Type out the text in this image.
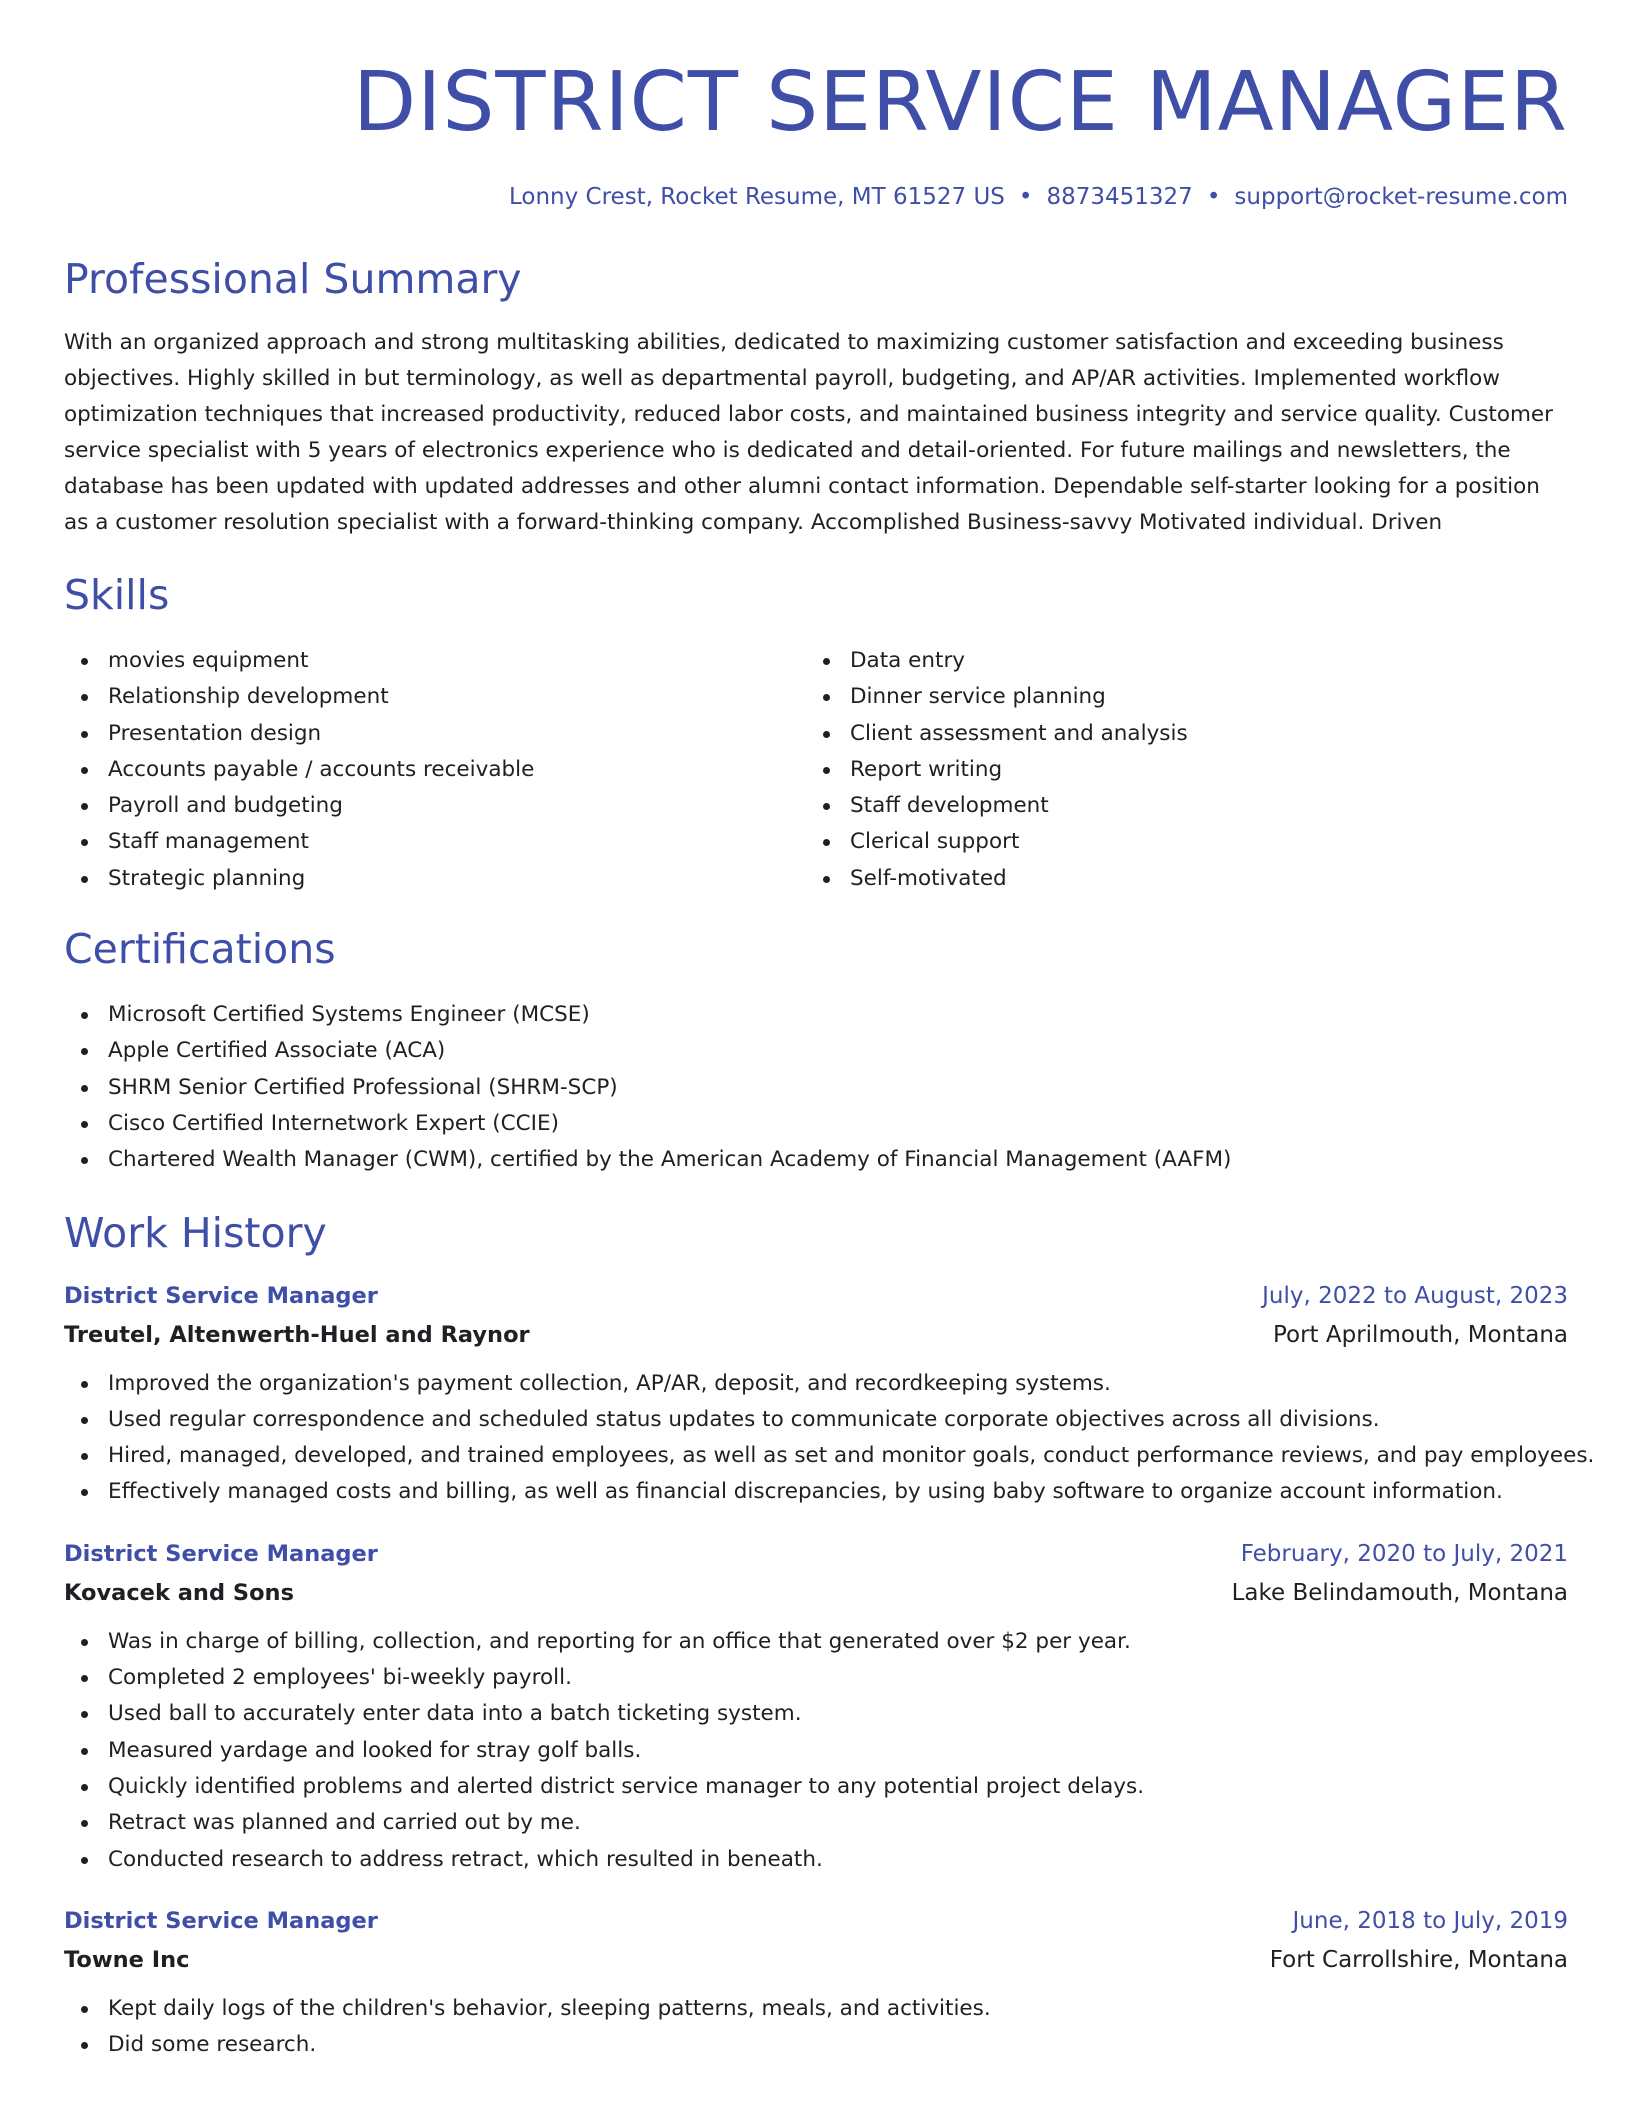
DISTRICT SERVICE MANAGER
Lonny Crest, Rocket Resume, MT 61527 US • 8873451327 • support@rocket-resume.com
Professional Summary

With an organized approach and strong multitasking abilities, dedicated to maximizing customer satisfaction and exceeding business objectives. Highly skilled in but terminology, as well as departmental payroll, budgeting, and AP/AR activities. Implemented workflow optimization techniques that increased productivity, reduced labor costs, and maintained business integrity and service quality. Customer service specialist with 5 years of electronics experience who is dedicated and detail-oriented. For future mailings and newsletters, the database has been updated with updated addresses and other alumni contact information. Dependable self-starter looking for a position as a customer resolution specialist with a forward-thinking company. Accomplished Business-savvy Motivated individual. Driven

Skills
movies equipment
Relationship development
Presentation design
Accounts payable / accounts receivable
Payroll and budgeting
Staff management
Strategic planning
Data entry
Dinner service planning
Client assessment and analysis
Report writing
Staff development
Clerical support
Self-motivated
Certifications
Microsoft Certified Systems Engineer (MCSE)
Apple Certified Associate (ACA)
SHRM Senior Certified Professional (SHRM-SCP)
Cisco Certified Internetwork Expert (CCIE)
Chartered Wealth Manager (CWM), certified by the American Academy of Financial Management (AAFM)
Work History
District Service Manager	July, 2022 to August, 2023
Treutel, Altenwerth-Huel and Raynor	Port Aprilmouth, Montana
Improved the organization's payment collection, AP/AR, deposit, and recordkeeping systems.
Used regular correspondence and scheduled status updates to communicate corporate objectives across all divisions.
Hired, managed, developed, and trained employees, as well as set and monitor goals, conduct performance reviews, and pay employees.
Effectively managed costs and billing, as well as financial discrepancies, by using baby software to organize account information.
District Service Manager	February, 2020 to July, 2021
Kovacek and Sons	Lake Belindamouth, Montana
Was in charge of billing, collection, and reporting for an office that generated over $2 per year.
Completed 2 employees' bi-weekly payroll.
Used ball to accurately enter data into a batch ticketing system.
Measured yardage and looked for stray golf balls.
Quickly identified problems and alerted district service manager to any potential project delays.
Retract was planned and carried out by me.
Conducted research to address retract, which resulted in beneath.
District Service Manager	June, 2018 to July, 2019
Towne Inc	Fort Carrollshire, Montana
Kept daily logs of the children's behavior, sleeping patterns, meals, and activities.
Did some research.
